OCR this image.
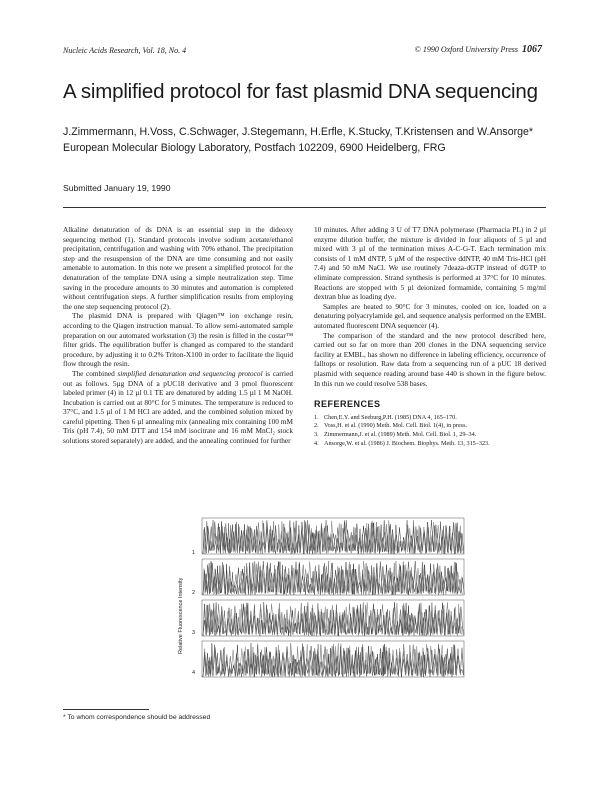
Nucleic Acids Research, Vol. 18, No. 4	© 1990 Oxford University Press 1067
A simplified protocol for fast plasmid DNA sequencing
J.Zimmermann, H.Voss, C.Schwager, J.Stegemann, H.Erfle, K.Stucky, T.Kristensen and W.Ansorge*
European Molecular Biology Laboratory, Postfach 102209, 6900 Heidelberg, FRG
Submitted January 19, 1990

Alkaline denaturation of ds DNA is an essential step in the dideoxy sequencing method (1). Standard protocols involve sodium acetate/ethanol precipitation, centrifugation and washing with 70% ethanol. The precipitation step and the resuspension of the DNA are time consuming and not easily amenable to automation. In this note we present a simplified protocol for the denaturation of the template DNA using a simple neutralization step. Time saving in the procedure amounts to 30 minutes and automation is completed without centrifugation steps. A further simplification results from employing the one step sequencing protocol (2).

The plasmid DNA is prepared with Qiagen™ ion exchange resin, according to the Qiagen instruction manual. To allow semi-automated sample preparation on our automated workstation (3) the resin is filled in the costar™ filter grids. The equilibration buffer is changed as compared to the standard procedure, by adjusting it to 0.2% Triton-X100 in order to facilitate the liquid flow through the resin.

The combined simplified denaturation and sequencing protocol is carried out as follows. 5µg DNA of a pUC18 derivative and 3 pmol fluorescent labeled primer (4) in 12 µl 0.1 TE are denatured by adding 1.5 µl 1 M NaOH. Incubation is carried out at 80°C for 5 minutes. The temperature is reduced to 37°C, and 1.5 µl of 1 M HCl are added, and the combined solution mixed by careful pipetting. Then 6 µl annealing mix (annealing mix containing 100 mM Tris (pH 7.4), 50 mM DTT and 154 mM isocitrate and 16 mM MnCl₂ stock solutions stored separately) are added, and the annealing continued for further

10 minutes. After adding 3 U of T7 DNA polymerase (Pharmacia PL) in 2 µl enzyme dilution buffer, the mixture is divided in four aliquots of 5 µl and mixed with 3 µl of the termination mixes A-C-G-T. Each termination mix consists of 1 mM dNTP, 5 µM of the respective ddNTP, 40 mM Tris-HCl (pH 7.4) and 50 mM NaCl. We use routinely 7deaza-dGTP instead of dGTP to eliminate compression. Strand synthesis is performed at 37°C for 10 minutes. Reactions are stopped with 5 µl deionized formamide, containing 5 mg/ml dextran blue as loading dye.

Samples are heated to 90°C for 3 minutes, cooled on ice, loaded on a denaturing polyacrylamide gel, and sequence analysis performed on the EMBL automated fluorescent DNA sequencer (4).

The comparison of the standard and the new protocol described here, carried out so far on more than 200 clones in the DNA sequencing service facility at EMBL, has shown no difference in labeling efficiency, occurrence of falltops or resolution. Raw data from a sequencing run of a pUC 18 derived plasmid with sequence reading around base 440 is shown in the figure below. In this run we could resolve 538 bases.

REFERENCES

1. Chen,E.Y. and Seeburg,P.H. (1985) DNA 4, 165–170.
2. Voss,H. et al. (1990) Meth. Mol. Cell. Biol. 1(4), in press.
3. Zimmermann,J. et al. (1989) Meth. Mol. Cell. Biol. 1, 29–34.
4. Ansorge,W. et al. (1986) J. Biochem. Biophys. Meth. 13, 315–323.
Relative Fluorescence Intensity
1
2
3
4
* To whom correspondence should be addressed
